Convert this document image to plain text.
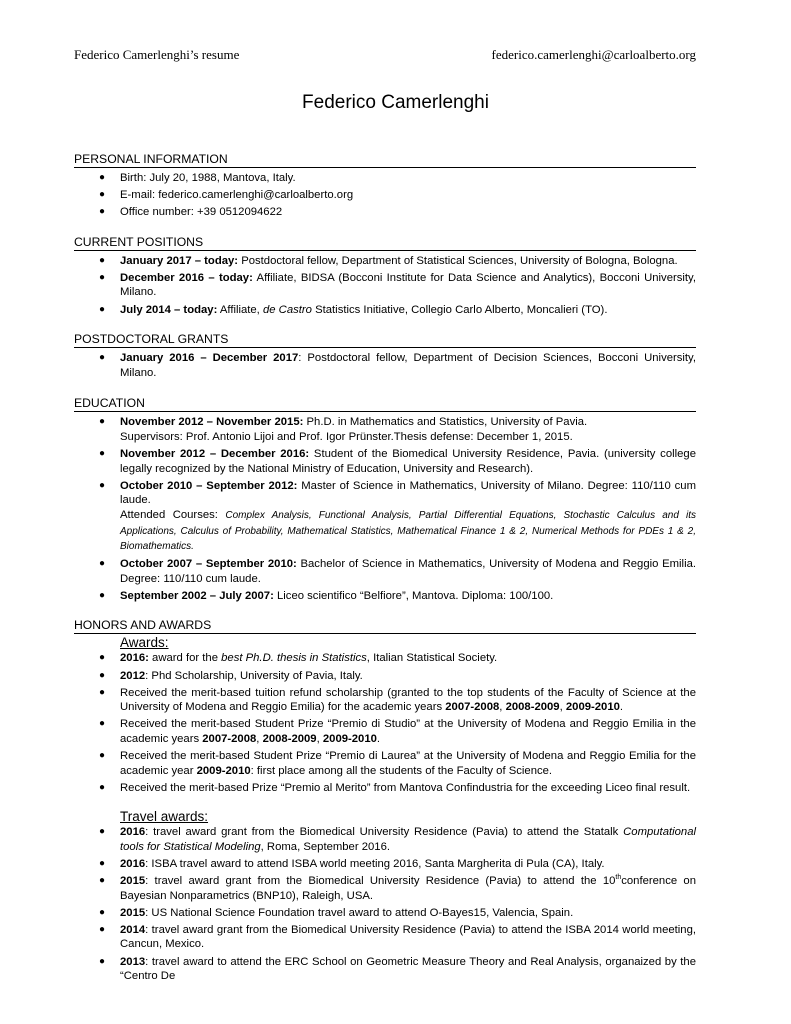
Federico Camerlenghi’s resume	federico.camerlenghi@carloalberto.org
Federico Camerlenghi
PERSONAL INFORMATION
● Birth: July 20, 1988, Mantova, Italy.
● E-mail: federico.camerlenghi@carloalberto.org
● Office number: +39 0512094622
CURRENT POSITIONS
● January 2017 – today: Postdoctoral fellow, Department of Statistical Sciences, University of Bologna, Bologna.
● December 2016 – today: Affiliate, BIDSA (Bocconi Institute for Data Science and Analytics), Bocconi University, Milano.
● July 2014 – today: Affiliate, de Castro Statistics Initiative, Collegio Carlo Alberto, Moncalieri (TO).
POSTDOCTORAL GRANTS
● January 2016 – December 2017: Postdoctoral fellow, Department of Decision Sciences, Bocconi University, Milano.
EDUCATION
● November 2012 – November 2015: Ph.D. in Mathematics and Statistics, University of Pavia.
Supervisors: Prof. Antonio Lijoi and Prof. Igor Prünster.Thesis defense: December 1, 2015.
● November 2012 – December 2016: Student of the Biomedical University Residence, Pavia. (university college legally recognized by the National Ministry of Education, University and Research).
● October 2010 – September 2012: Master of Science in Mathematics, University of Milano. Degree: 110/110 cum laude.
Attended Courses: Complex Analysis, Functional Analysis, Partial Differential Equations, Stochastic Calculus and its Applications, Calculus of Probability, Mathematical Statistics, Mathematical Finance 1 & 2, Numerical Methods for PDEs 1 & 2, Biomathematics.
● October 2007 – September 2010: Bachelor of Science in Mathematics, University of Modena and Reggio Emilia. Degree: 110/110 cum laude.
● September 2002 – July 2007: Liceo scientifico “Belfiore”, Mantova. Diploma: 100/100.
HONORS AND AWARDS
Awards:
● 2016: award for the best Ph.D. thesis in Statistics, Italian Statistical Society.
● 2012: Phd Scholarship, University of Pavia, Italy.
● Received the merit-based tuition refund scholarship (granted to the top students of the Faculty of Science at the University of Modena and Reggio Emilia) for the academic years 2007-2008, 2008-2009, 2009-2010.
● Received the merit-based Student Prize “Premio di Studio” at the University of Modena and Reggio Emilia in the academic years 2007-2008, 2008-2009, 2009-2010.
● Received the merit-based Student Prize “Premio di Laurea” at the University of Modena and Reggio Emilia for the academic year 2009-2010: first place among all the students of the Faculty of Science.
● Received the merit-based Prize “Premio al Merito” from Mantova Confindustria for the exceeding Liceo final result.
Travel awards:
● 2016: travel award grant from the Biomedical University Residence (Pavia) to attend the Statalk Computational tools for Statistical Modeling, Roma, September 2016.
● 2016: ISBA travel award to attend ISBA world meeting 2016, Santa Margherita di Pula (CA), Italy.
● 2015: travel award grant from the Biomedical University Residence (Pavia) to attend the 10thconference on Bayesian Nonparametrics (BNP10), Raleigh, USA.
● 2015: US National Science Foundation travel award to attend O-Bayes15, Valencia, Spain.
● 2014: travel award grant from the Biomedical University Residence (Pavia) to attend the ISBA 2014 world meeting, Cancun, Mexico.
● 2013: travel award to attend the ERC School on Geometric Measure Theory and Real Analysis, organaized by the “Centro De
